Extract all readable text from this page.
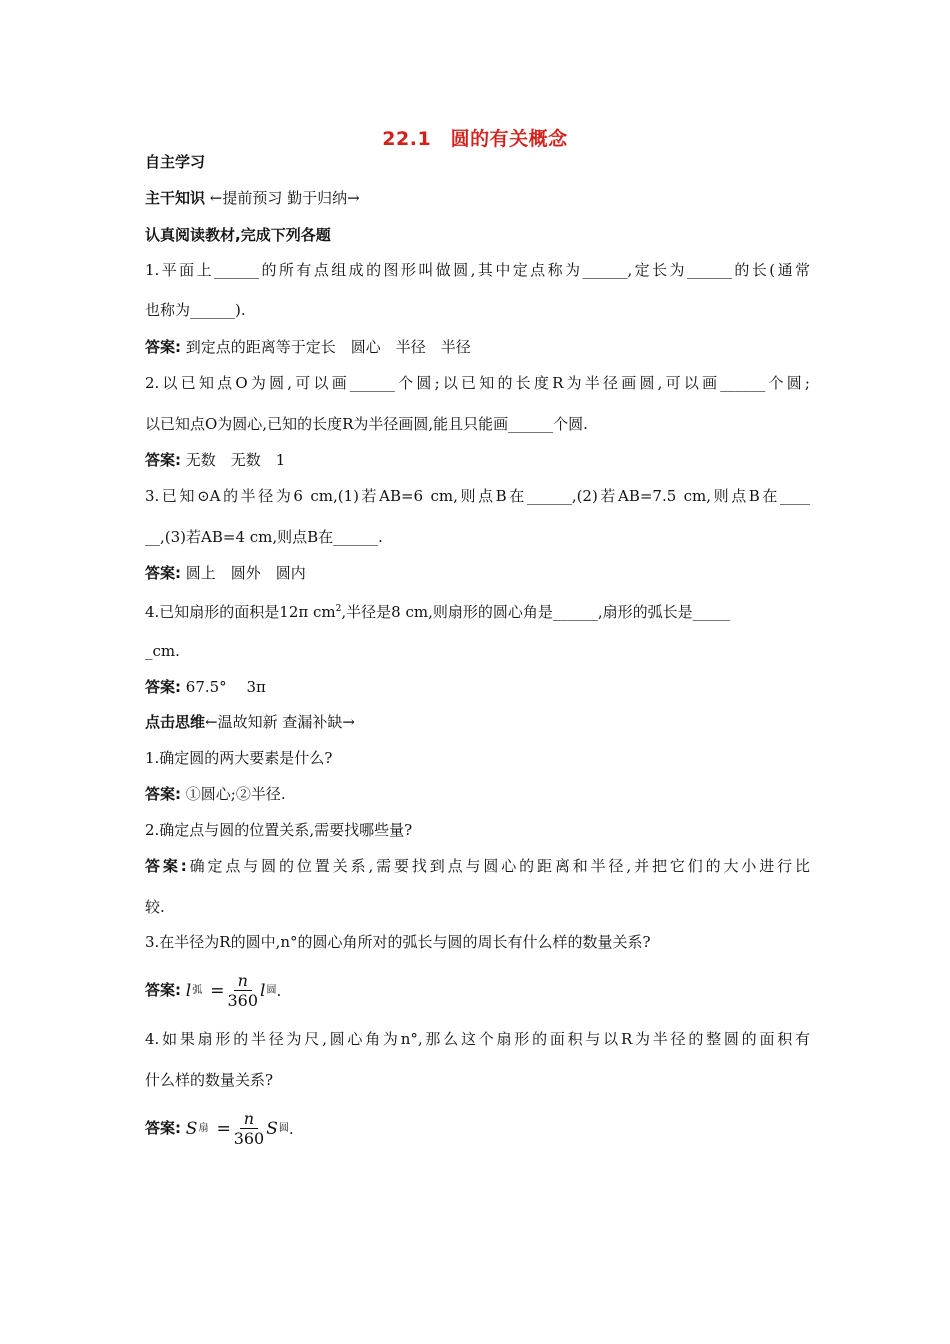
22.1　圆的有关概念
自主学习
主干知识 ←提前预习 勤于归纳→
认真阅读教材,完成下列各题
1.平面上______的所有点组成的图形叫做圆,其中定点称为______,定长为______的长(通常
也称为______).
答案: 到定点的距离等于定长　圆心　半径　半径
2.以已知点O为圆,可以画______个圆;以已知的长度R为半径画圆,可以画______个圆;
以已知点O为圆心,已知的长度R为半径画圆,能且只能画______个圆.
答案: 无数　无数　1
3.已知⊙A的半径为6 cm,(1)若AB=6 cm,则点B在______,(2)若AB=7.5 cm,则点B在____
__,(3)若AB=4 cm,则点B在______.
答案: 圆上　圆外　圆内
4.已知扇形的面积是12π $cm^2$,半径是8 cm,则扇形的圆心角是______,扇形的弧长是_____
_cm.
答案: 67.5°　 3π
点击思维←温故知新 查漏补缺→
1.确定圆的两大要素是什么?
答案: ①圆心;②半径.
2.确定点与圆的位置关系,需要找哪些量?
答案:确定点与圆的位置关系,需要找到点与圆心的距离和半径,并把它们的大小进行比
较.
3.在半径为R的圆中,n°的圆心角所对的弧长与圆的周长有什么样的数量关系?
答案: l 弧 = $\frac{n}{360}$ l 圆 .
4.如果扇形的半径为尺,圆心角为n°,那么这个扇形的面积与以R为半径的整圆的面积有
什么样的数量关系?
答案: S 扇 = $\frac{n}{360}$ S 圆 .
